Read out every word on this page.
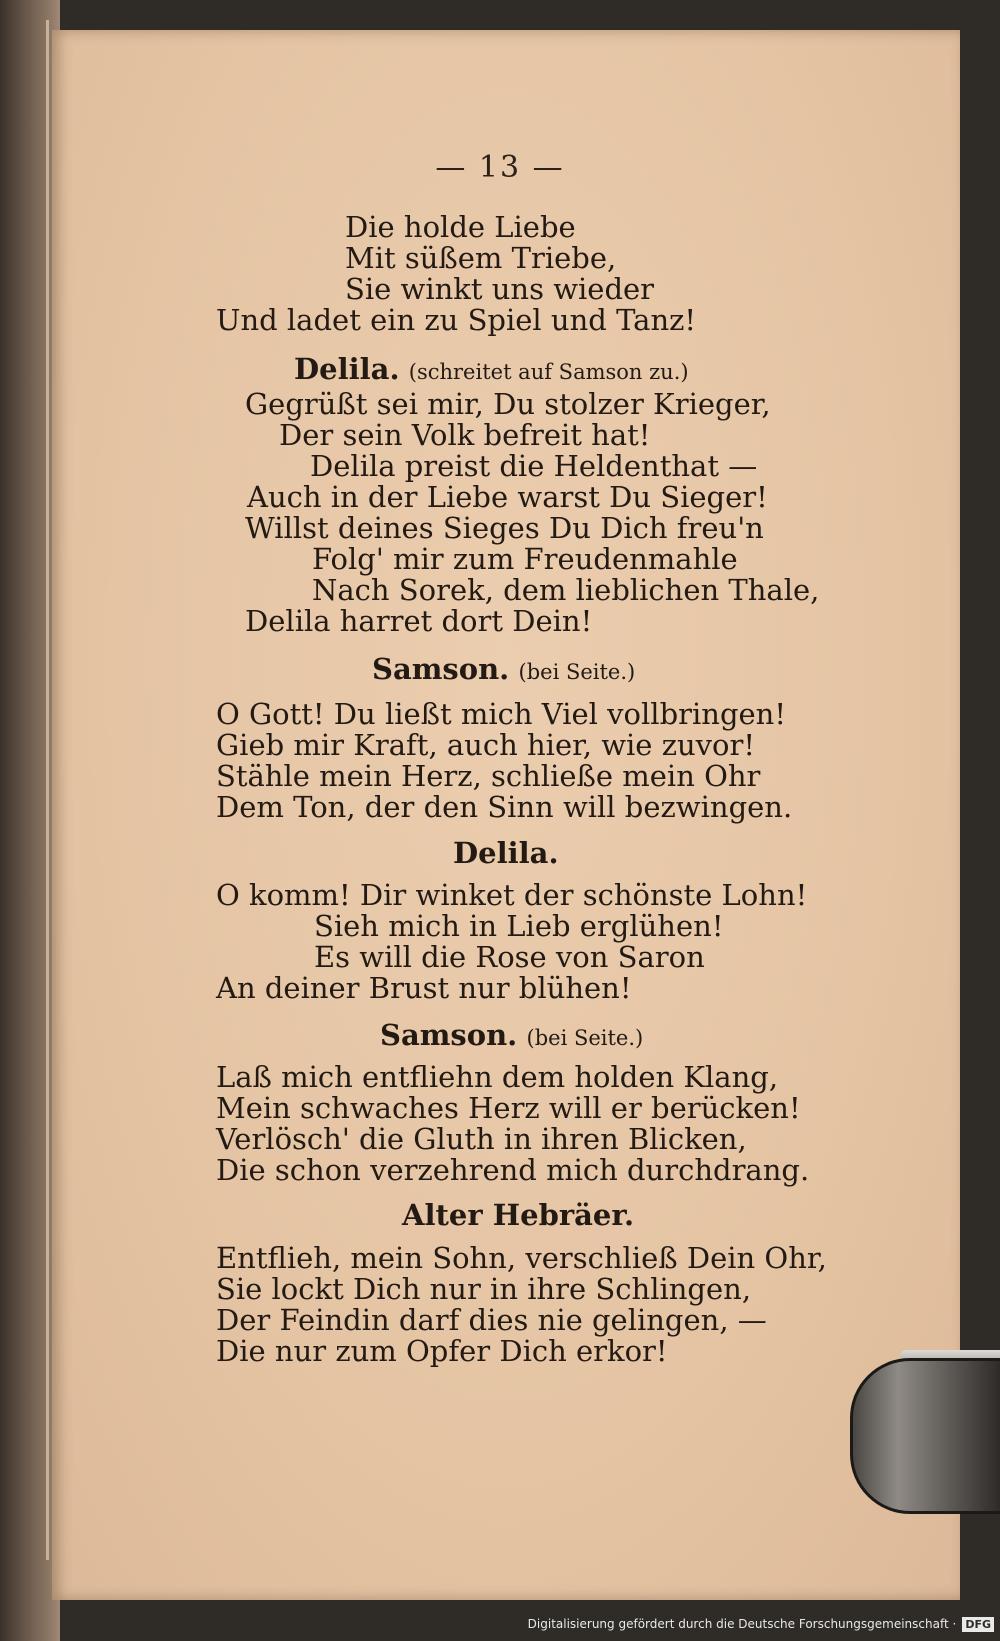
— 13 —
Die holde Liebe
Mit süßem Triebe,
Sie winkt uns wieder
Und ladet ein zu Spiel und Tanz!
Delila. (schreitet auf Samson zu.)
Gegrüßt sei mir, Du stolzer Krieger,
Der sein Volk befreit hat!
Delila preist die Heldenthat —
Auch in der Liebe warst Du Sieger!
Willst deines Sieges Du Dich freu'n
Folg' mir zum Freudenmahle
Nach Sorek, dem lieblichen Thale,
Delila harret dort Dein!
Samson. (bei Seite.)
O Gott! Du ließt mich Viel vollbringen!
Gieb mir Kraft, auch hier, wie zuvor!
Stähle mein Herz, schließe mein Ohr
Dem Ton, der den Sinn will bezwingen.
Delila.
O komm! Dir winket der schönste Lohn!
Sieh mich in Lieb erglühen!
Es will die Rose von Saron
An deiner Brust nur blühen!
Samson. (bei Seite.)
Laß mich entfliehn dem holden Klang,
Mein schwaches Herz will er berücken!
Verlösch' die Gluth in ihren Blicken,
Die schon verzehrend mich durchdrang.
Alter Hebräer.
Entflieh, mein Sohn, verschließ Dein Ohr,
Sie lockt Dich nur in ihre Schlingen,
Der Feindin darf dies nie gelingen, —
Die nur zum Opfer Dich erkor!
Digitalisierung gefördert durch die Deutsche Forschungsgemeinschaft · DFG
